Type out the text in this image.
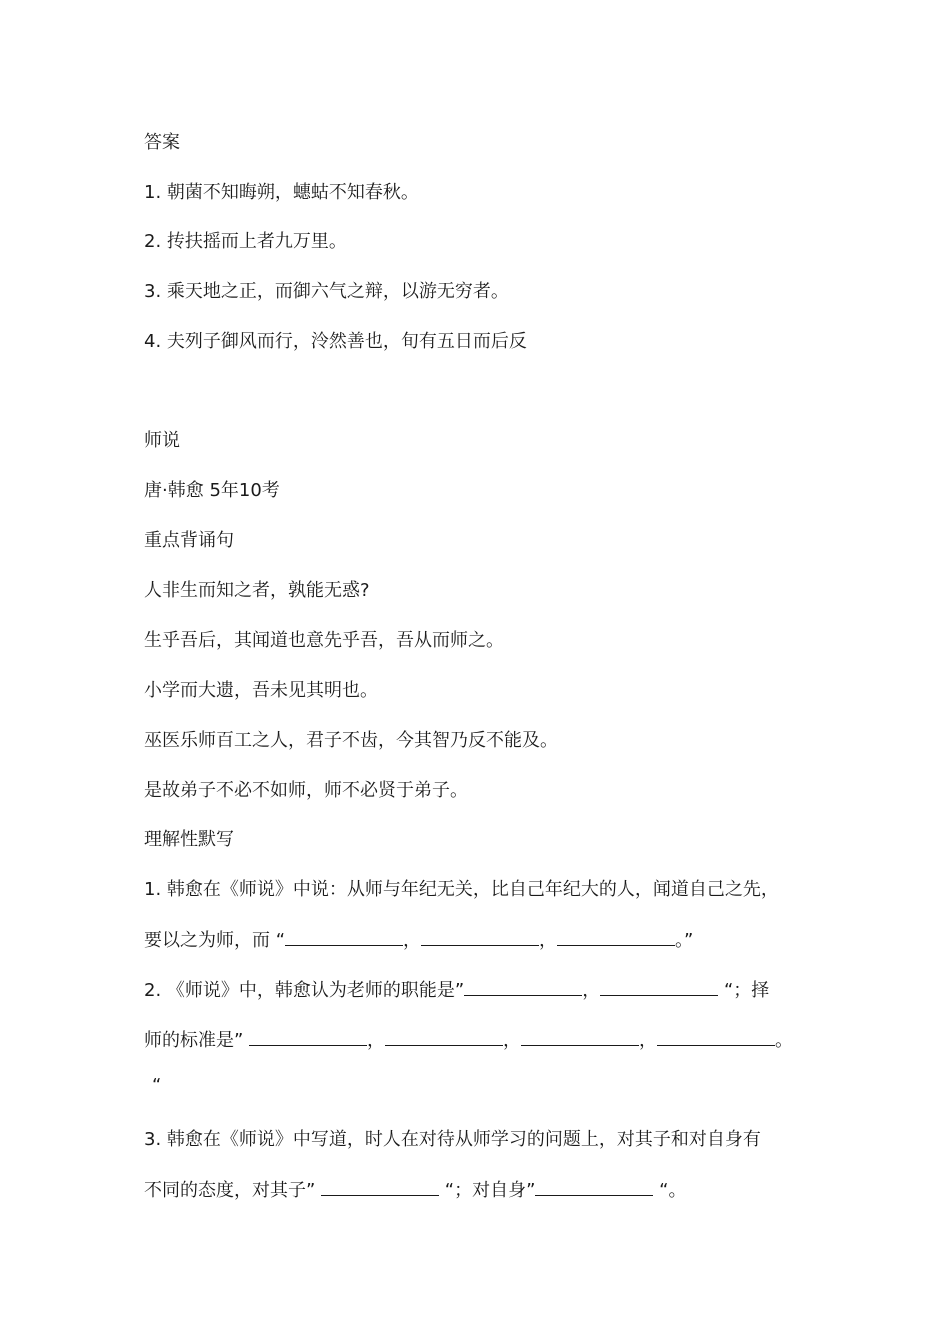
答案
1. 朝菌不知晦朔，蟪蛄不知春秋。
2. 抟扶摇而上者九万里。
3. 乘天地之正，而御六气之辩，以游无穷者。
4. 夫列子御风而行，泠然善也，旬有五日而后反
师说
唐·韩愈 5年10考
重点背诵句
人非生而知之者，孰能无惑?
生乎吾后，其闻道也意先乎吾，吾从而师之。
小学而大遗，吾未见其明也。
巫医乐师百工之人，君子不齿，今其智乃反不能及。
是故弟子不必不如师，师不必贤于弟子。
理解性默写
1. 韩愈在《师说》中说：从师与年纪无关，比自己年纪大的人，闻道自己之先，
要以之为师，而 “	，	，	。”
2. 《师说》中，韩愈认为老师的职能是”	，	“；择
师的标准是”	，	，	，	。
“
3. 韩愈在《师说》中写道，时人在对待从师学习的问题上，对其子和对自身有
不同的态度，对其子”	“；对自身”	“。
